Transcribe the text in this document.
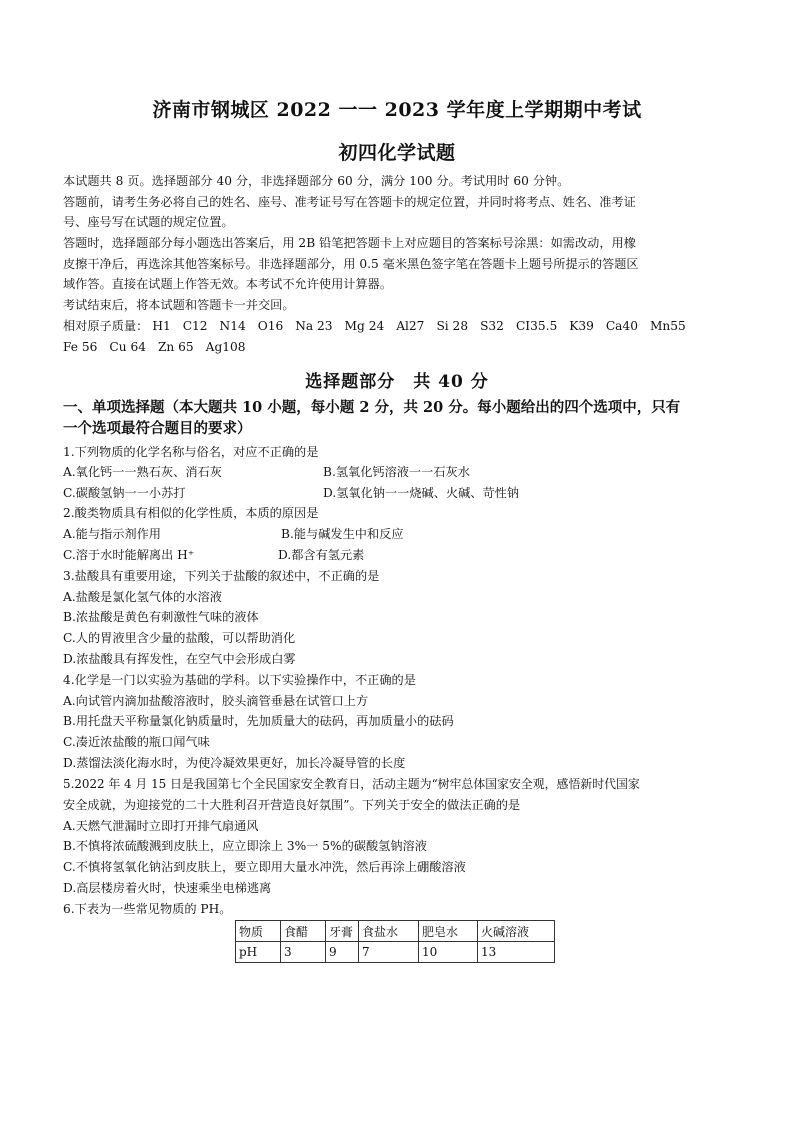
济南市钢城区 2022 一一 2023 学年度上学期期中考试
初四化学试题
本试题共 8 页。选择题部分 40 分，非选择题部分 60 分，满分 100 分。考试用时 60 分钟。
答题前，请考生务必将自己的姓名、座号、准考证号写在答题卡的规定位置，并同时将考点、姓名、准考证
号、座号写在试题的规定位置。
答题时，选择题部分每小题选出答案后，用 2B 铅笔把答题卡上对应题目的答案标号涂黑：如需改动，用橡
皮擦干净后，再选涂其他答案标号。非选择题部分，用 0.5 毫米黑色签字笔在答题卡上题号所提示的答题区
域作答。直接在试题上作答无效。本考试不允许使用计算器。
考试结束后，将本试题和答题卡一并交回。
相对原子质量： H1 C12 N14 O16 Na 23 Mg 24 Al27 Si 28 S32 CI35.5 K39 Ca40 Mn55
Fe 56 Cu 64 Zn 65 Ag108
选择题部分　共 40 分
一、单项选择题（本大题共 10 小题，每小题 2 分，共 20 分。每小题给出的四个选项中，只有
一个选项最符合题目的要求）
1.下列物质的化学名称与俗名，对应不正确的是
A.氧化钙一一熟石灰、消石灰	B.氢氧化钙溶液一一石灰水
C.碳酸氢钠一一小苏打	D.氢氧化钠一一烧碱、火碱、苛性钠
2.酸类物质具有相似的化学性质，本质的原因是
A.能与指示剂作用	B.能与碱发生中和反应
C.溶于水时能解离出 H⁺	D.都含有氢元素
3.盐酸具有重要用途，下列关于盐酸的叙述中，不正确的是
A.盐酸是氯化氢气体的水溶液
B.浓盐酸是黄色有刺激性气味的液体
C.人的胃液里含少量的盐酸，可以帮助消化
D.浓盐酸具有挥发性，在空气中会形成白雾
4.化学是一门以实验为基础的学科。以下实验操作中，不正确的是
A.向试管内滴加盐酸溶液时，胶头滴管垂悬在试管口上方
B.用托盘天平称量氯化钠质量时，先加质量大的砝码，再加质量小的砝码
C.凑近浓盐酸的瓶口闻气味
D.蒸馏法淡化海水时，为使冷凝效果更好，加长冷凝导管的长度
5.2022 年 4 月 15 日是我国第七个全民国家安全教育日，活动主题为“树牢总体国家安全观，感悟新时代国家
安全成就，为迎接党的二十大胜利召开营造良好氛围”。下列关于安全的做法正确的是
A.天燃气泄漏时立即打开排气扇通风
B.不慎将浓硫酸溅到皮肤上，应立即涂上 3%一 5%的碳酸氢钠溶液
C.不慎将氢氧化钠沾到皮肤上，要立即用大量水冲洗，然后再涂上硼酸溶液
D.高层楼房着火时，快速乘坐电梯逃离
6.下表为一些常见物质的 PH。
物质	食醋	牙膏	食盐水	肥皂水	火碱溶液
pH	3	9	7	10	13
